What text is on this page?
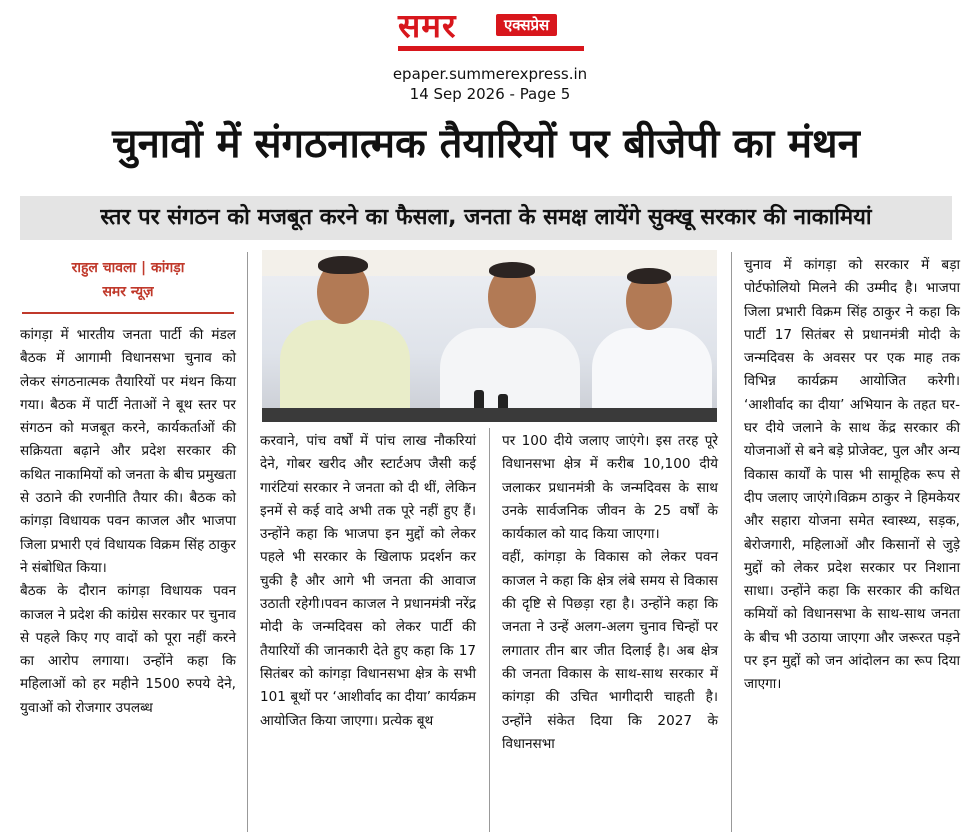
समर	एक्सप्रेस
epaper.summerexpress.in
14 Sep 2026 - Page 5
चुनावों में संगठनात्मक तैयारियों पर बीजेपी का मंथन
स्तर पर संगठन को मजबूत करने का फैसला, जनता के समक्ष लायेंगे सुक्खू सरकार की नाकामियां
राहुल चावला | कांगड़ा
समर न्यूज़

कांगड़ा में भारतीय जनता पार्टी की मंडल बैठक में आगामी विधानसभा चुनाव को लेकर संगठनात्मक तैयारियों पर मंथन किया गया। बैठक में पार्टी नेताओं ने बूथ स्तर पर संगठन को मजबूत करने, कार्यकर्ताओं की सक्रियता बढ़ाने और प्रदेश सरकार की कथित नाकामियों को जनता के बीच प्रमुखता से उठाने की रणनीति तैयार की। बैठक को कांगड़ा विधायक पवन काजल और भाजपा जिला प्रभारी एवं विधायक विक्रम सिंह ठाकुर ने संबोधित किया।

बैठक के दौरान कांगड़ा विधायक पवन काजल ने प्रदेश की कांग्रेस सरकार पर चुनाव से पहले किए गए वादों को पूरा नहीं करने का आरोप लगाया। उन्होंने कहा कि महिलाओं को हर महीने 1500 रुपये देने, युवाओं को रोजगार उपलब्ध

करवाने, पांच वर्षों में पांच लाख नौकरियां देने, गोबर खरीद और स्टार्टअप जैसी कई गारंटियां सरकार ने जनता को दी थीं, लेकिन इनमें से कई वादे अभी तक पूरे नहीं हुए हैं। उन्होंने कहा कि भाजपा इन मुद्दों को लेकर पहले भी सरकार के खिलाफ प्रदर्शन कर चुकी है और आगे भी जनता की आवाज उठाती रहेगी।पवन काजल ने प्रधानमंत्री नरेंद्र मोदी के जन्मदिवस को लेकर पार्टी की तैयारियों की जानकारी देते हुए कहा कि 17 सितंबर को कांगड़ा विधानसभा क्षेत्र के सभी 101 बूथों पर ‘आशीर्वाद का दीया’ कार्यक्रम आयोजित किया जाएगा। प्रत्येक बूथ

पर 100 दीये जलाए जाएंगे। इस तरह पूरे विधानसभा क्षेत्र में करीब 10,100 दीये जलाकर प्रधानमंत्री के जन्मदिवस के साथ उनके सार्वजनिक जीवन के 25 वर्षों के कार्यकाल को याद किया जाएगा।

वहीं, कांगड़ा के विकास को लेकर पवन काजल ने कहा कि क्षेत्र लंबे समय से विकास की दृष्टि से पिछड़ा रहा है। उन्होंने कहा कि जनता ने उन्हें अलग-अलग चुनाव चिन्हों पर लगातार तीन बार जीत दिलाई है। अब क्षेत्र की जनता विकास के साथ-साथ सरकार में कांगड़ा की उचित भागीदारी चाहती है। उन्होंने संकेत दिया कि 2027 के विधानसभा

चुनाव में कांगड़ा को सरकार में बड़ा पोर्टफोलियो मिलने की उम्मीद है। भाजपा जिला प्रभारी विक्रम सिंह ठाकुर ने कहा कि पार्टी 17 सितंबर से प्रधानमंत्री मोदी के जन्मदिवस के अवसर पर एक माह तक विभिन्न कार्यक्रम आयोजित करेगी। ‘आशीर्वाद का दीया’ अभियान के तहत घर-घर दीये जलाने के साथ केंद्र सरकार की योजनाओं से बने बड़े प्रोजेक्ट, पुल और अन्य विकास कार्यों के पास भी सामूहिक रूप से दीप जलाए जाएंगे।विक्रम ठाकुर ने हिमकेयर और सहारा योजना समेत स्वास्थ्य, सड़क, बेरोजगारी, महिलाओं और किसानों से जुड़े मुद्दों को लेकर प्रदेश सरकार पर निशाना साधा। उन्होंने कहा कि सरकार की कथित कमियों को विधानसभा के साथ-साथ जनता के बीच भी उठाया जाएगा और जरूरत पड़ने पर इन मुद्दों को जन आंदोलन का रूप दिया जाएगा।
